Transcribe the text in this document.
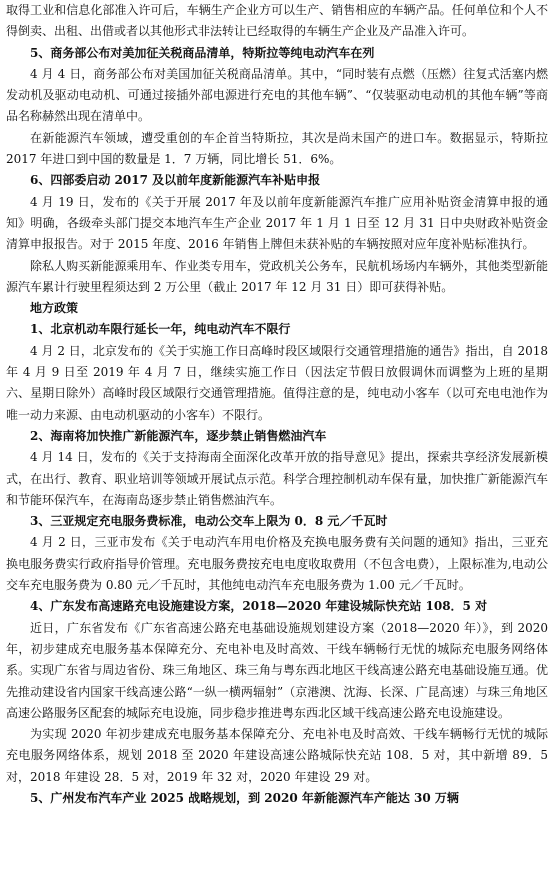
取得工业和信息化部准入许可后，车辆生产企业方可以生产、销售相应的车辆产品。任何单位和个人不得倒卖、出租、出借或者以其他形式非法转让已经取得的车辆生产企业及产品准入许可。

5、商务部公布对美加征关税商品清单，特斯拉等纯电动汽车在列

4 月 4 日，商务部公布对美国加征关税商品清单。其中，“同时装有点燃（压燃）往复式活塞内燃发动机及驱动电动机、可通过接插外部电源进行充电的其他车辆”、“仅装驱动电动机的其他车辆”等商品名称赫然出现在清单中。

在新能源汽车领域，遭受重创的车企首当特斯拉，其次是尚未国产的进口车。数据显示，特斯拉 2017 年进口到中国的数量是 1．7 万辆，同比增长 51．6%。

6、四部委启动 2017 及以前年度新能源汽车补贴申报

4 月 19 日，发布的《关于开展 2017 年及以前年度新能源汽车推广应用补贴资金清算申报的通知》明确，各级牵头部门提交本地汽车生产企业 2017 年 1 月 1 日至 12 月 31 日中央财政补贴资金清算申报报告。对于 2015 年度、2016 年销售上牌但未获补贴的车辆按照对应年度补贴标准执行。

除私人购买新能源乘用车、作业类专用车，党政机关公务车，民航机场场内车辆外，其他类型新能源汽车累计行驶里程须达到 2 万公里（截止 2017 年 12 月 31 日）即可获得补贴。

地方政策

1、北京机动车限行延长一年，纯电动汽车不限行

4 月 2 日，北京发布的《关于实施工作日高峰时段区域限行交通管理措施的通告》指出，自 2018 年 4 月 9 日至 2019 年 4 月 7 日，继续实施工作日（因法定节假日放假调休而调整为上班的星期六、星期日除外）高峰时段区域限行交通管理措施。值得注意的是，纯电动小客车（以可充电电池作为唯一动力来源、由电动机驱动的小客车）不限行。

2、海南将加快推广新能源汽车，逐步禁止销售燃油汽车

4 月 14 日，发布的《关于支持海南全面深化改革开放的指导意见》提出，探索共享经济发展新模式，在出行、教育、职业培训等领域开展试点示范。科学合理控制机动车保有量，加快推广新能源汽车和节能环保汽车，在海南岛逐步禁止销售燃油汽车。

3、三亚规定充电服务费标准，电动公交车上限为 0．8 元／千瓦时

4 月 2 日，三亚市发布《关于电动汽车用电价格及充换电服务费有关问题的通知》指出，三亚充换电服务费实行政府指导价管理。充电服务费按充电电度收取费用（不包含电费），上限标准为,电动公交车充电服务费为 0.80 元／千瓦时，其他纯电动汽车充电服务费为 1.00 元／千瓦时。

4、广东发布高速路充电设施建设方案，2018—2020 年建设城际快充站 108．5 对

近日，广东省发布《广东省高速公路充电基础设施规划建设方案（2018—2020 年）》，到 2020 年，初步建成充电服务基本保障充分、充电补电及时高效、干线车辆畅行无忧的城际充电服务网络体系。实现广东省与周边省份、珠三角地区、珠三角与粤东西北地区干线高速公路充电基础设施互通。优先推动建设省内国家干线高速公路“一纵一横两辐射”（京港澳、沈海、长深、广昆高速）与珠三角地区高速公路服务区配套的城际充电设施，同步稳步推进粤东西北区域干线高速公路充电设施建设。

为实现 2020 年初步建成充电服务基本保障充分、充电补电及时高效、干线车辆畅行无忧的城际充电服务网络体系，规划 2018 至 2020 年建设高速公路城际快充站 108．5 对，其中新增 89．5 对，2018 年建设 28．5 对，2019 年 32 对，2020 年建设 29 对。

5、广州发布汽车产业 2025 战略规划，到 2020 年新能源汽车产能达 30 万辆
